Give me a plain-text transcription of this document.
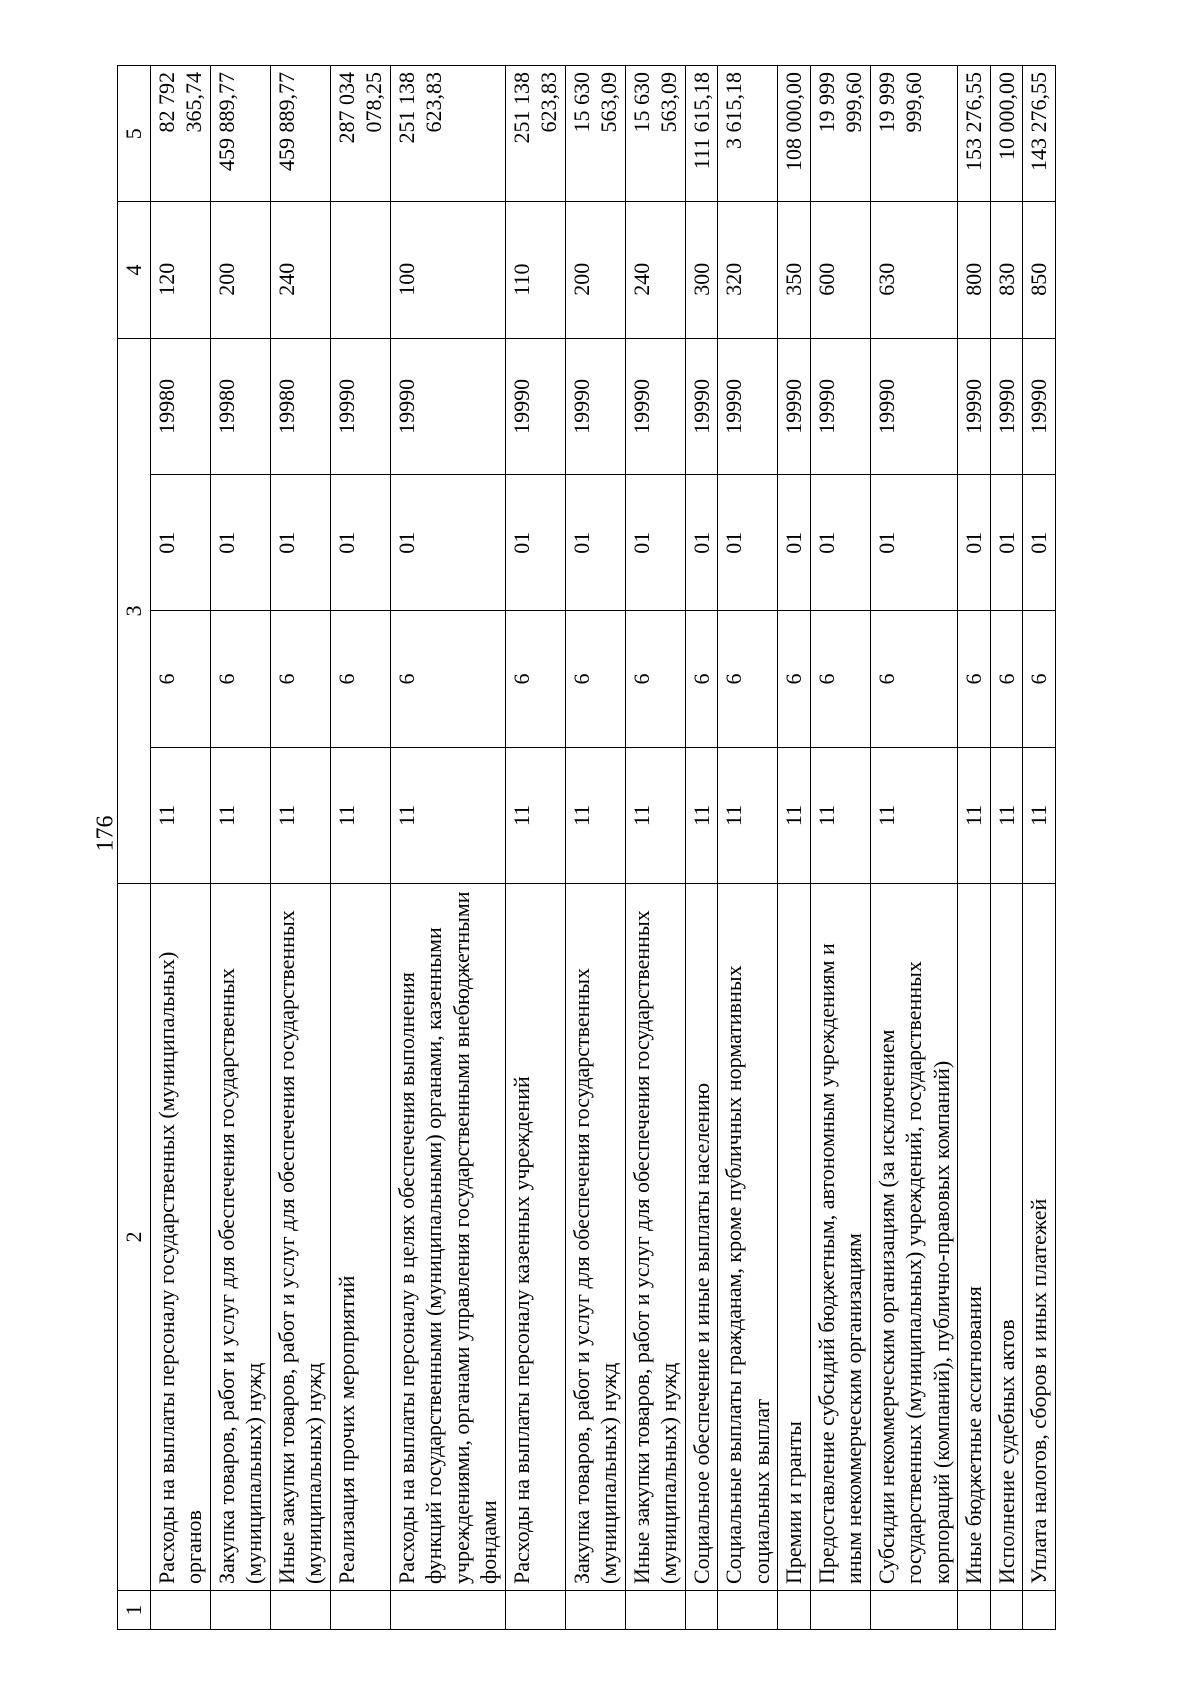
176
1	2	3				4	5
	Расходы на выплаты персоналу государственных (муниципальных) органов	11	6	01	19980	120	82 792 365,74
	Закупка товаров, работ и услуг для обеспечения государственных (муниципальных) нужд	11	6	01	19980	200	459 889,77
	Иные закупки товаров, работ и услуг для обеспечения государственных (муниципальных) нужд	11	6	01	19980	240	459 889,77
	Реализация прочих мероприятий	11	6	01	19990		287 034 078,25
	Расходы на выплаты персоналу в целях обеспечения выполнения функций государственными (муниципальными) органами, казенными учреждениями, органами управления государственными внебюджетными фондами	11	6	01	19990	100	251 138 623,83
	Расходы на выплаты персоналу казенных учреждений	11	6	01	19990	110	251 138 623,83
	Закупка товаров, работ и услуг для обеспечения государственных (муниципальных) нужд	11	6	01	19990	200	15 630 563,09
	Иные закупки товаров, работ и услуг для обеспечения государственных (муниципальных) нужд	11	6	01	19990	240	15 630 563,09
	Социальное обеспечение и иные выплаты населению	11	6	01	19990	300	111 615,18
	Социальные выплаты гражданам, кроме публичных нормативных социальных выплат	11	6	01	19990	320	3 615,18
	Премии и гранты	11	6	01	19990	350	108 000,00
	Предоставление субсидий бюджетным, автономным учреждениям и иным некоммерческим организациям	11	6	01	19990	600	19 999 999,60
	Субсидии некоммерческим организациям (за исключением государственных (муниципальных) учреждений, государственных корпораций (компаний), публично-правовых компаний)	11	6	01	19990	630	19 999 999,60
	Иные бюджетные ассигнования	11	6	01	19990	800	153 276,55
	Исполнение судебных актов	11	6	01	19990	830	10 000,00
	Уплата налогов, сборов и иных платежей	11	6	01	19990	850	143 276,55
